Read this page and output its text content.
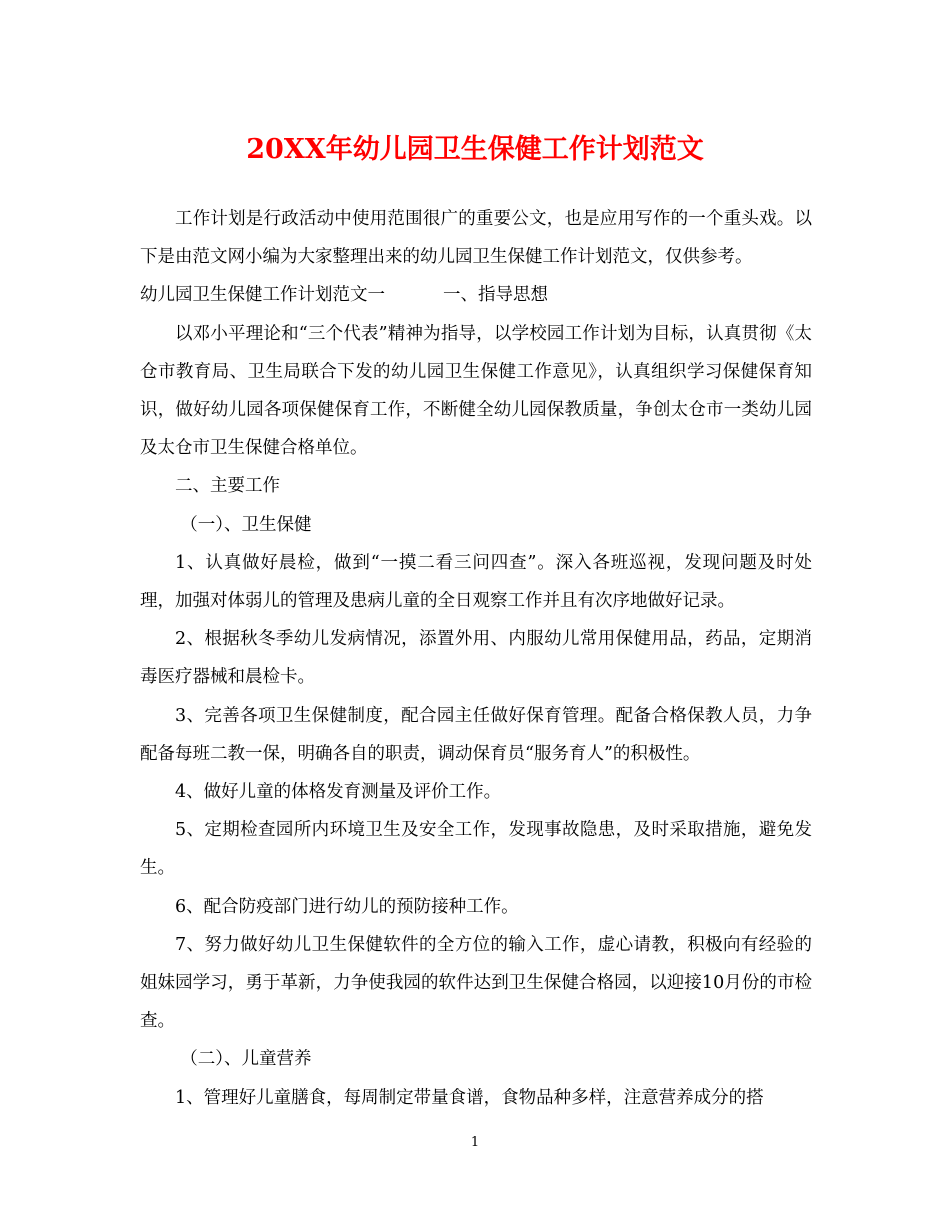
20XX年幼儿园卫生保健工作计划范文

工作计划是行政活动中使用范围很广的重要公文，也是应用写作的一个重头戏。以下是由范文网小编为大家整理出来的幼儿园卫生保健工作计划范文，仅供参考。

幼儿园卫生保健工作计划范文一	一、指导思想

以邓小平理论和“三个代表”精神为指导，以学校园工作计划为目标，认真贯彻《太仓市教育局、卫生局联合下发的幼儿园卫生保健工作意见》，认真组织学习保健保育知识，做好幼儿园各项保健保育工作，不断健全幼儿园保教质量，争创太仓市一类幼儿园及太仓市卫生保健合格单位。

二、主要工作

（一）、卫生保健

1、认真做好晨检，做到“一摸二看三问四查”。深入各班巡视，发现问题及时处理，加强对体弱儿的管理及患病儿童的全日观察工作并且有次序地做好记录。

2、根据秋冬季幼儿发病情况，添置外用、内服幼儿常用保健用品，药品，定期消毒医疗器械和晨检卡。

3、完善各项卫生保健制度，配合园主任做好保育管理。配备合格保教人员，力争配备每班二教一保，明确各自的职责，调动保育员“服务育人”的积极性。

4、做好儿童的体格发育测量及评价工作。

5、定期检查园所内环境卫生及安全工作，发现事故隐患，及时采取措施，避免发生。

6、配合防疫部门进行幼儿的预防接种工作。

7、努力做好幼儿卫生保健软件的全方位的输入工作，虚心请教，积极向有经验的姐妹园学习，勇于革新，力争使我园的软件达到卫生保健合格园，以迎接10月份的市检查。

（二）、儿童营养

1、管理好儿童膳食，每周制定带量食谱，食物品种多样，注意营养成分的搭

1
